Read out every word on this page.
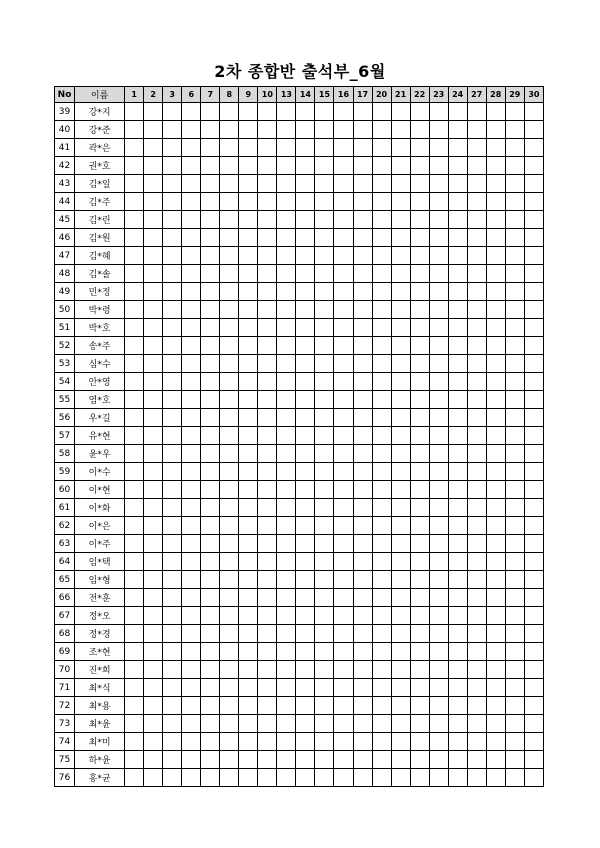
2차 종합반 출석부_6월
No	이름	1	2	3	6	7	8	9	10	13	14	15	16	17	20	21	22	23	24	27	28	29	30
39	강*지																						
40	강*준																						
41	곽*은																						
42	권*호																						
43	김*일																						
44	김*주																						
45	김*린																						
46	김*원																						
47	김*혜																						
48	김*솔																						
49	민*정																						
50	박*령																						
51	박*호																						
52	송*주																						
53	심*수																						
54	안*영																						
55	염*호																						
56	우*길																						
57	유*현																						
58	윤*우																						
59	이*수																						
60	이*현																						
61	이*화																						
62	이*은																						
63	이*주																						
64	임*택																						
65	임*형																						
66	전*훈																						
67	정*오																						
68	정*경																						
69	조*현																						
70	진*희																						
71	최*식																						
72	최*용																						
73	최*윤																						
74	최*미																						
75	하*윤																						
76	홍*균																						
